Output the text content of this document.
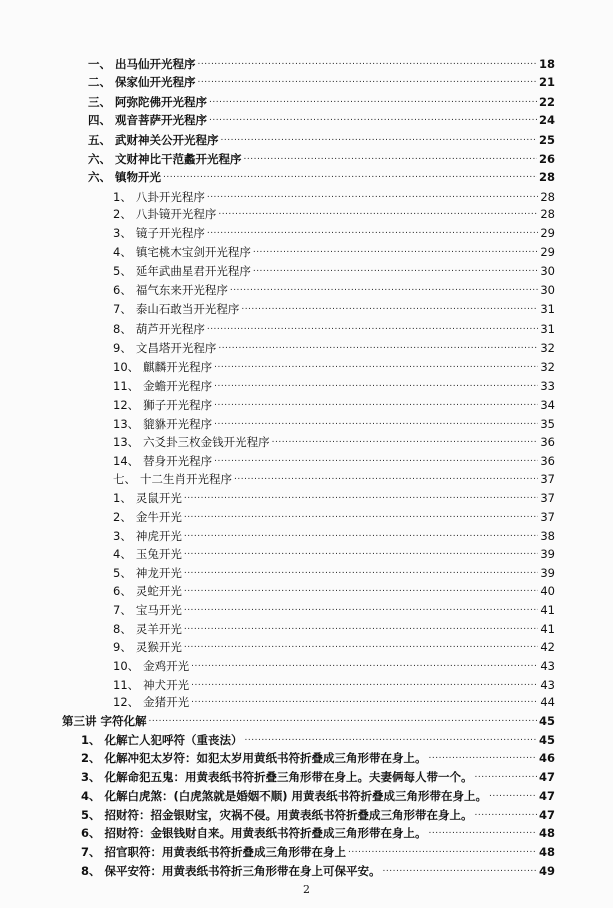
一、 出马仙开光程序 .....	18
二、 保家仙开光程序 .....	21
三、 阿弥陀佛开光程序 .....	22
四、 观音菩萨开光程序 .....	24
五、 武财神关公开光程序 .....	25
六、 文财神比干范蠡开光程序 .....	26
六、 镇物开光 .....	28
1、 八卦开光程序 .....	28
2、 八卦镜开光程序 .....	28
3、 镜子开光程序 .....	29
4、 镇宅桃木宝剑开光程序 .....	29
5、 延年武曲星君开光程序 .....	30
6、 福气东来开光程序 .....	30
7、 泰山石敢当开光程序 .....	31
8、 葫芦开光程序 .....	31
9、 文昌塔开光程序 .....	32
10、 麒麟开光程序 .....	32
11、 金蟾开光程序 .....	33
12、 狮子开光程序 .....	34
13、 貔貅开光程序 .....	35
13、 六爻卦三枚金钱开光程序 .....	36
14、 替身开光程序 .....	36
七、 十二生肖开光程序 .....	37
1、 灵鼠开光 .....	37
2、 金牛开光 .....	37
3、 神虎开光 .....	38
4、 玉兔开光 .....	39
5、 神龙开光 .....	39
6、 灵蛇开光 .....	40
7、 宝马开光 .....	41
8、 灵羊开光 .....	41
9、 灵猴开光 .....	42
10、 金鸡开光 .....	43
11、 神犬开光 .....	43
12、 金猪开光 .....	44
第三讲 字符化解 .....	45
1、 化解亡人犯呼符（重丧法） .....	45
2、 化解冲犯太岁符：如犯太岁用黄纸书符折叠成三角形带在身上。 .....	46
3、 化解命犯五鬼：用黄表纸书符折叠三角形带在身上。夫妻俩每人带一个。 .....	47
4、 化解白虎煞：(白虎煞就是婚姻不顺) 用黄表纸书符折叠成三角形带在身上。 .....	47
5、 招财符：招金银财宝，灾祸不侵。用黄表纸书符折叠成三角形带在身上。 .....	47
6、 招财符：金银钱财自来。用黄表纸书符折叠成三角形带在身上。 .....	48
7、 招官职符：用黄表纸书符折叠成三角形带在身上 .....	48
8、 保平安符：用黄表纸书符折三角形带在身上可保平安。 .....	49
2
